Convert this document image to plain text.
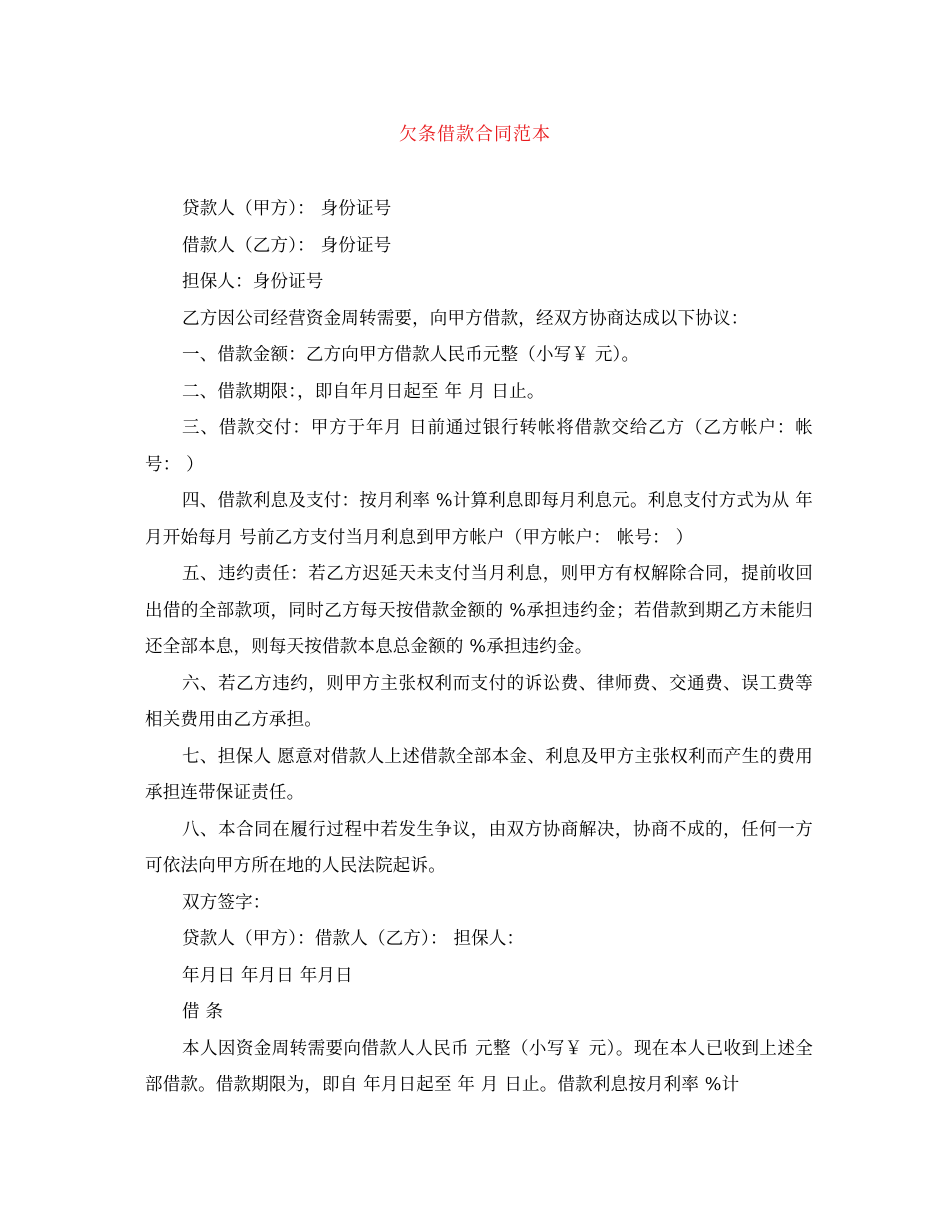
欠条借款合同范本
贷款人（甲方）： 身份证号
借款人（乙方）： 身份证号
担保人：身份证号
乙方因公司经营资金周转需要，向甲方借款，经双方协商达成以下协议：
一、借款金额：乙方向甲方借款人民币元整（小写￥ 元）。
二、借款期限：，即自年月日起至 年 月 日止。
三、借款交付：甲方于年月 日前通过银行转帐将借款交给乙方（乙方帐户：帐号： ）
四、借款利息及支付：按月利率 %计算利息即每月利息元。利息支付方式为从 年月开始每月 号前乙方支付当月利息到甲方帐户（甲方帐户： 帐号： ）
五、违约责任：若乙方迟延天未支付当月利息，则甲方有权解除合同，提前收回出借的全部款项，同时乙方每天按借款金额的 %承担违约金；若借款到期乙方未能归还全部本息，则每天按借款本息总金额的 %承担违约金。
六、若乙方违约，则甲方主张权利而支付的诉讼费、律师费、交通费、误工费等相关费用由乙方承担。
七、担保人 愿意对借款人上述借款全部本金、利息及甲方主张权利而产生的费用承担连带保证责任。
八、本合同在履行过程中若发生争议，由双方协商解决，协商不成的，任何一方可依法向甲方所在地的人民法院起诉。
双方签字：
贷款人（甲方）：借款人（乙方）： 担保人：
年月日 年月日 年月日
借 条
本人因资金周转需要向借款人人民币 元整（小写￥ 元）。现在本人已收到上述全部借款。借款期限为，即自 年月日起至 年 月 日止。借款利息按月利率 %计
